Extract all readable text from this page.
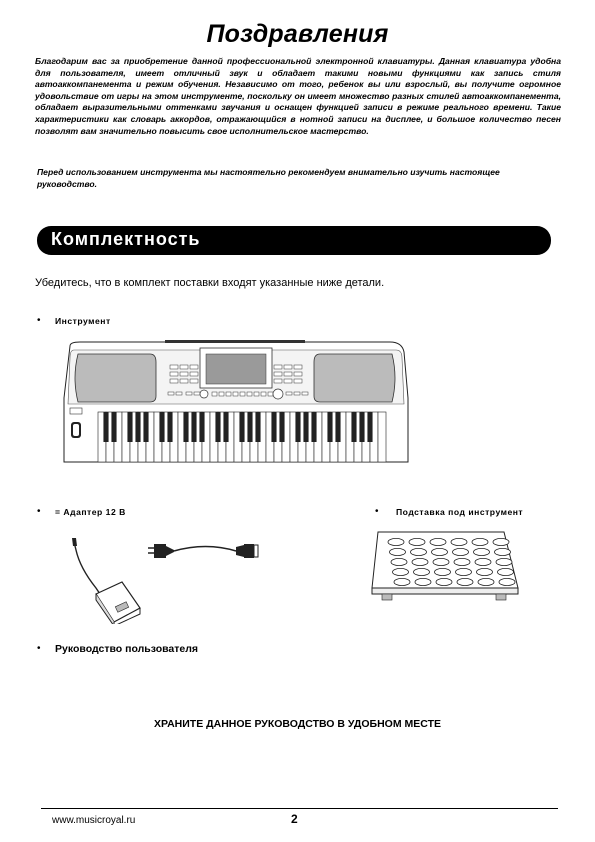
Поздравления
Благодарим вас за приобретение данной профессиональной электронной клавиатуры. Данная клавиатура удобна для пользователя, имеет отличный звук и обладает такими новыми функциями как запись стиля автоаккомпанемента и режим обучения. Независимо от того, ребенок вы или взрослый, вы получите огромное удовольствие от игры на этом инструменте, поскольку он имеет множество разных стилей автоаккомпанемента, обладает выразительными оттенками звучания и оснащен функцией записи в режиме реального времени. Такие характеристики как словарь аккордов, отражающийся в нотной записи на дисплее, и большое количество песен позволят вам значительно повысить свое исполнительское мастерство.
Перед использованием инструмента мы настоятельно рекомендуем внимательно изучить настоящее руководство.
Комплектность
Убедитесь, что в комплект поставки входят указанные ниже детали.
• Инструмент
• = Адаптер 12 В	• Подставка под инструмент
• Руководство пользователя
ХРАНИТЕ ДАННОЕ РУКОВОДСТВО В УДОБНОМ МЕСТЕ
www.musicroyal.ru	2
